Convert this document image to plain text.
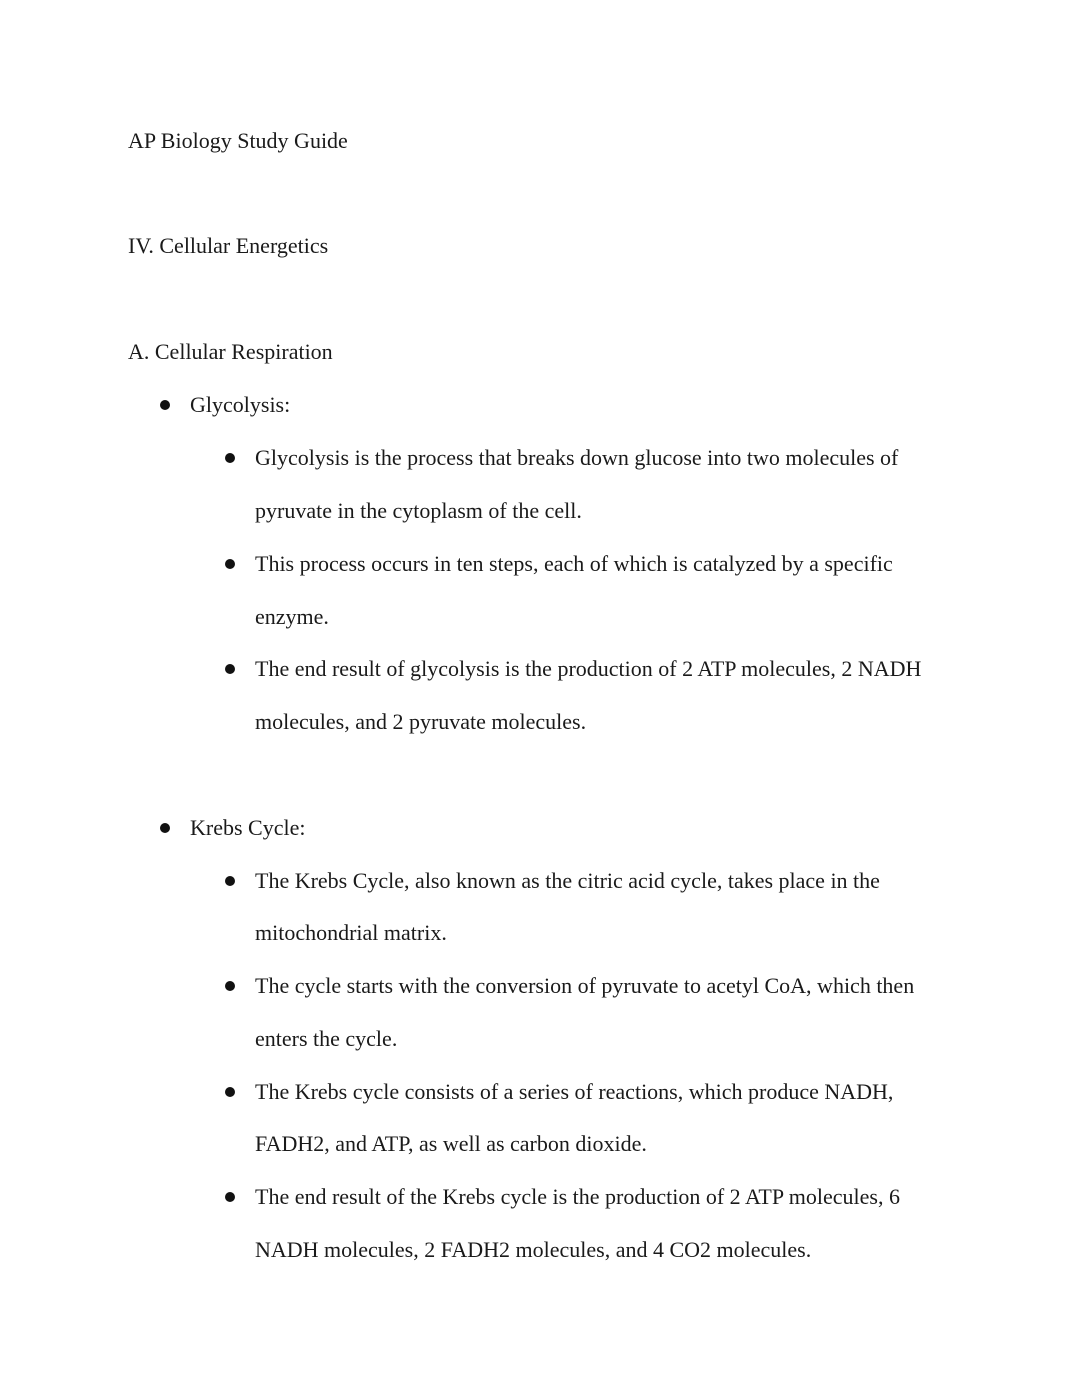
AP Biology Study Guide
IV. Cellular Energetics
A. Cellular Respiration
Glycolysis:
Glycolysis is the process that breaks down glucose into two molecules of
pyruvate in the cytoplasm of the cell.
This process occurs in ten steps, each of which is catalyzed by a specific
enzyme.
The end result of glycolysis is the production of 2 ATP molecules, 2 NADH
molecules, and 2 pyruvate molecules.
Krebs Cycle:
The Krebs Cycle, also known as the citric acid cycle, takes place in the
mitochondrial matrix.
The cycle starts with the conversion of pyruvate to acetyl CoA, which then
enters the cycle.
The Krebs cycle consists of a series of reactions, which produce NADH,
FADH2, and ATP, as well as carbon dioxide.
The end result of the Krebs cycle is the production of 2 ATP molecules, 6
NADH molecules, 2 FADH2 molecules, and 4 CO2 molecules.
